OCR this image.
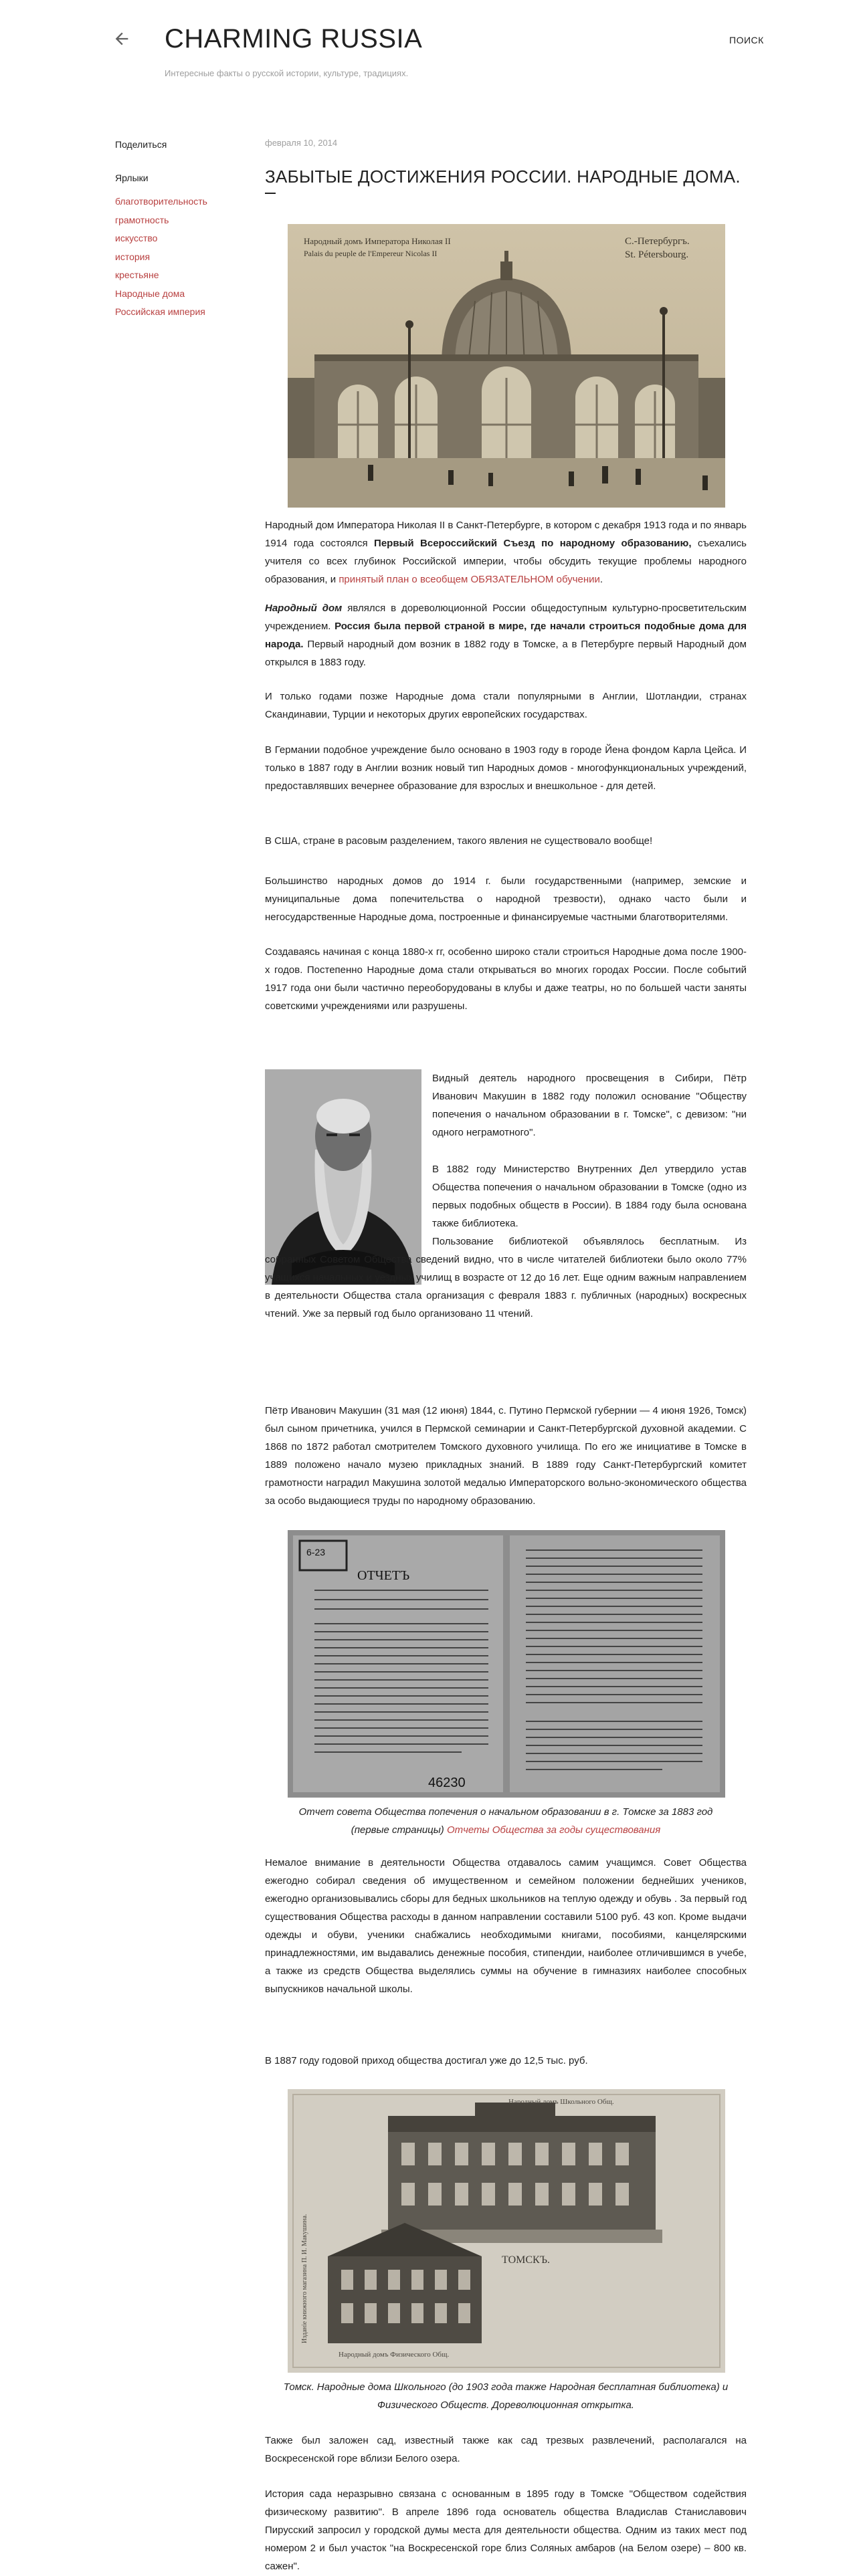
CHARMING RUSSIA
Интересные факты о русской истории, культуре, традициях.
ПОИСК
Поделиться
Ярлыки
благотворительность
грамотность
искусство
история
крестьяне
Народные дома
Российская империя
февраля 10, 2014
ЗАБЫТЫЕ ДОСТИЖЕНИЯ РОССИИ. НАРОДНЫЕ ДОМА.
Народный домъ Императора Николая II
Palais du peuple de l'Empereur Nicolas II
С.-Петербургъ.
St. Pétersbourg.
Народный дом Императора Николая II в Санкт-Петербурге, в котором с декабря 1913 года и по январь 1914 года состоялся Первый Всероссийский Съезд по народному образованию, съехались учителя со всех глубинок Российской империи, чтобы обсудить текущие проблемы народного образования, и принятый план о всеобщем ОБЯЗАТЕЛЬНОМ обучении.
Народный дом являлся в дореволюционной России общедоступным культурно-просветительским учреждением. Россия была первой страной в мире, где начали строиться подобные дома для народа. Первый народный дом возник в 1882 году в Томске, а в Петербурге первый Народный дом открылся в 1883 году.
И только годами позже Народные дома стали популярными в Англии, Шотландии, странах Скандинавии, Турции и некоторых других европейских государствах.
В Германии подобное учреждение было основано в 1903 году в городе Йена фондом Карла Цейса. И только в 1887 году в Англии возник новый тип Народных домов - многофункциональных учреждений, предоставлявших вечернее образование для взрослых и внешкольное - для детей.
В США, стране в расовым разделением, такого явления не существовало вообще!
Большинство народных домов до 1914 г. были государственными (например, земские и муниципальные дома попечительства о народной трезвости), однако часто были и негосударственные Народные дома, построенные и финансируемые частными благотворителями.
Создаваясь начиная с конца 1880-х гг, особенно широко стали строиться Народные дома после 1900-х годов. Постепенно Народные дома стали открываться во многих городах России. После событий 1917 года они были частично переоборудованы в клубы и даже театры, но по большей части заняты советскими учреждениями или разрушены.
Видный деятель народного просвещения в Сибири, Пётр Иванович Макушин в 1882 году положил основание "Обществу попечения о начальном образовании в г. Томске", с девизом: "ни одного неграмотного".
В 1882 году Министерство Внутренних Дел утвердило устав Общества попечения о начальном образовании в Томске (одно из первых подобных обществ в России). В 1884 году была основана также библиотека.
Пользование библиотекой объявлялось бесплатным. Из собранных Советом Общества сведений видно, что в числе читателей библиотеки было около 77% учащихся начальных и уездных училищ в возрасте от 12 до 16 лет. Еще одним важным направлением в деятельности Общества стала организация с февраля 1883 г. публичных (народных) воскресных чтений. Уже за первый год было организовано 11 чтений.
Пётр Иванович Макушин (31 мая (12 июня) 1844, с. Путино Пермской губернии — 4 июня 1926, Томск) был сыном причетника, учился в Пермской семинарии и Санкт-Петербургской духовной академии. С 1868 по 1872 работал смотрителем Томского духовного училища. По его же инициативе в Томске в 1889 положено начало музею прикладных знаний. В 1889 году Санкт-Петербургский комитет грамотности наградил Макушина золотой медалью Императорского вольно-экономического общества за особо выдающиеся труды по народному образованию.
6-23
ОТЧЕТЪ
46230
Отчет совета Общества попечения о начальном образовании в г. Томске за 1883 год
(первые страницы) Отчеты Общества за годы существования
Немалое внимание в деятельности Общества отдавалось самим учащимся. Совет Общества ежегодно собирал сведения об имущественном и семейном положении беднейших учеников, ежегодно организовывались сборы для бедных школьников на теплую одежду и обувь . За первый год существования Общества расходы в данном направлении составили 5100 руб. 43 коп. Кроме выдачи одежды и обуви, ученики снабжались необходимыми книгами, пособиями, канцелярскими принадлежностями, им выдавались денежные пособия, стипендии, наиболее отличившимся в учебе, а также из средств Общества выделялись суммы на обучение в гимназиях наиболее способных выпускников начальной школы.
В 1887 году годовой приход общества достигал уже до 12,5 тыс. руб.
Народный домъ Школьного Общ.
ТОМСКЪ.
Народный домъ Физического Общ.
Изданіе книжного магазина П. И. Макушина.
Томск. Народные дома Школьного (до 1903 года также Народная бесплатная библиотека) и Физического Обществ. Дореволюционная открытка.
Также был заложен сад, известный также как сад трезвых развлечений, располагался на Воскресенской горе вблизи Белого озера.
История сада неразрывно связана с основанным в 1895 году в Томске "Обществом содействия физическому развитию". В апреле 1896 года основатель общества Владислав Станиславович Пирусский запросил у городской думы места для деятельности общества. Одним из таких мест под номером 2 и был участок "на Воскресенской горе близ Соляных амбаров (на Белом озере) – 800 кв. сажен".
